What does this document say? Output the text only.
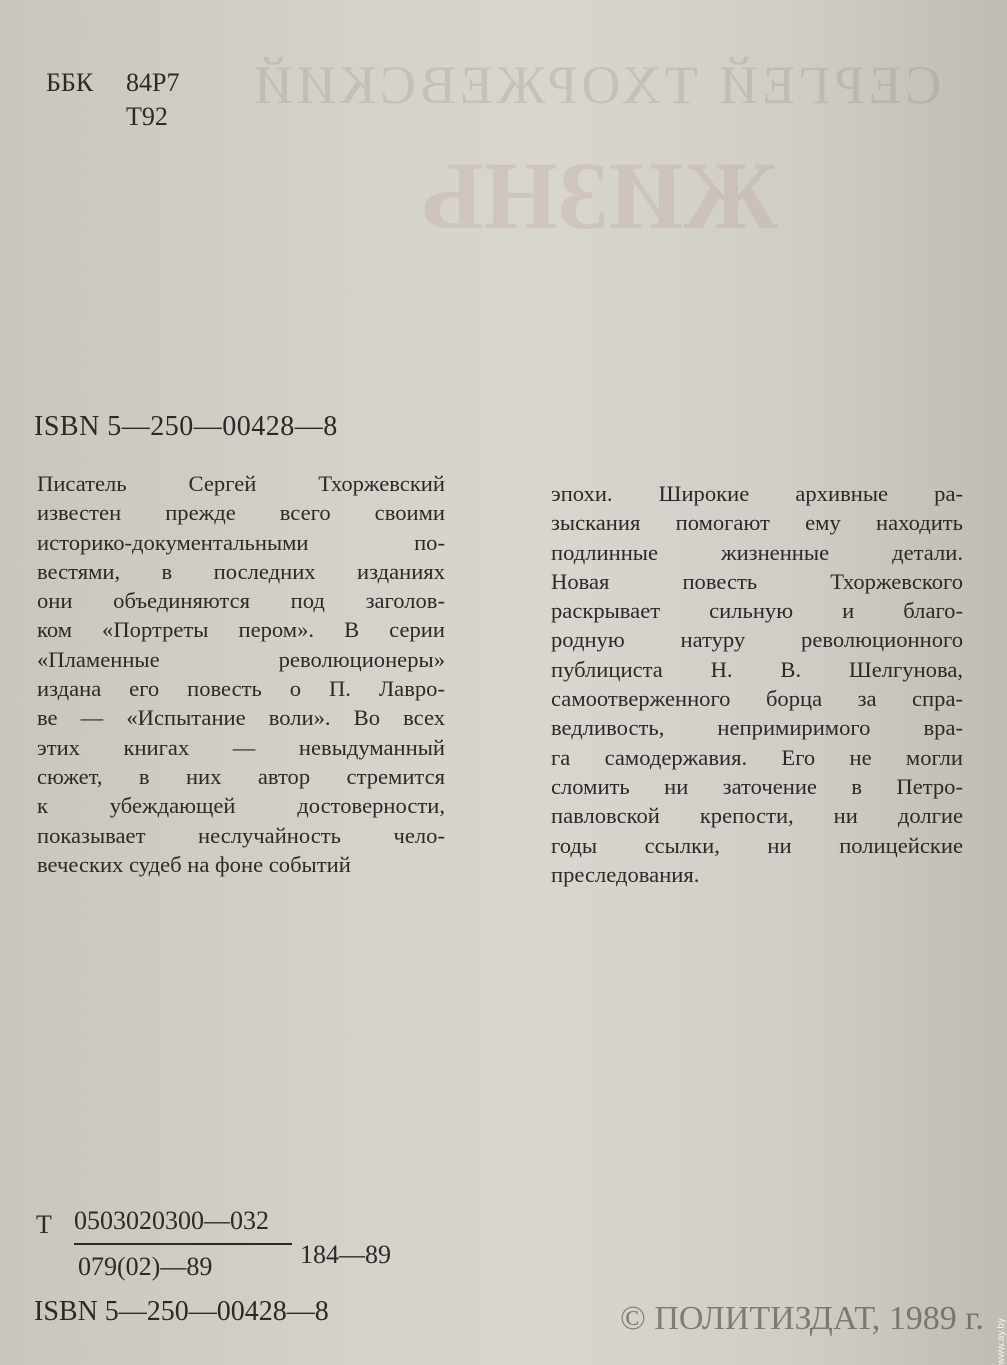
СЕРГЕЙ ТХОРЖЕВСКИЙ
ЖИЗНЬ
ББК	84Р7
Т92
ISBN 5—250—00428—8
Писатель Сергей Тхоржевский
известен прежде всего своими
историко-документальными по-
вестями, в последних изданиях
они объединяются под заголов-
ком «Портреты пером». В серии
«Пламенные революционеры»
издана его повесть о П. Лавро-
ве — «Испытание воли». Во всех
этих книгах — невыдуманный
сюжет, в них автор стремится
к убеждающей достоверности,
показывает неслучайность чело-
веческих судеб на фоне событий
эпохи. Широкие архивные ра-
зыскания помогают ему находить
подлинные жизненные детали.
Новая повесть Тхоржевского
раскрывает сильную и благо-
родную натуру революционного
публициста Н. В. Шелгунова,
самоотверженного борца за спра-
ведливость, непримиримого вра-
га самодержавия. Его не могли
сломить ни заточение в Петро-
павловской крепости, ни долгие
годы ссылки, ни полицейские
преследования.
Т 0503020300—032
079(02)—89	184—89
ISBN 5—250—00428—8	© ПОЛИТИЗДАТ, 1989 г. www.ay.by
